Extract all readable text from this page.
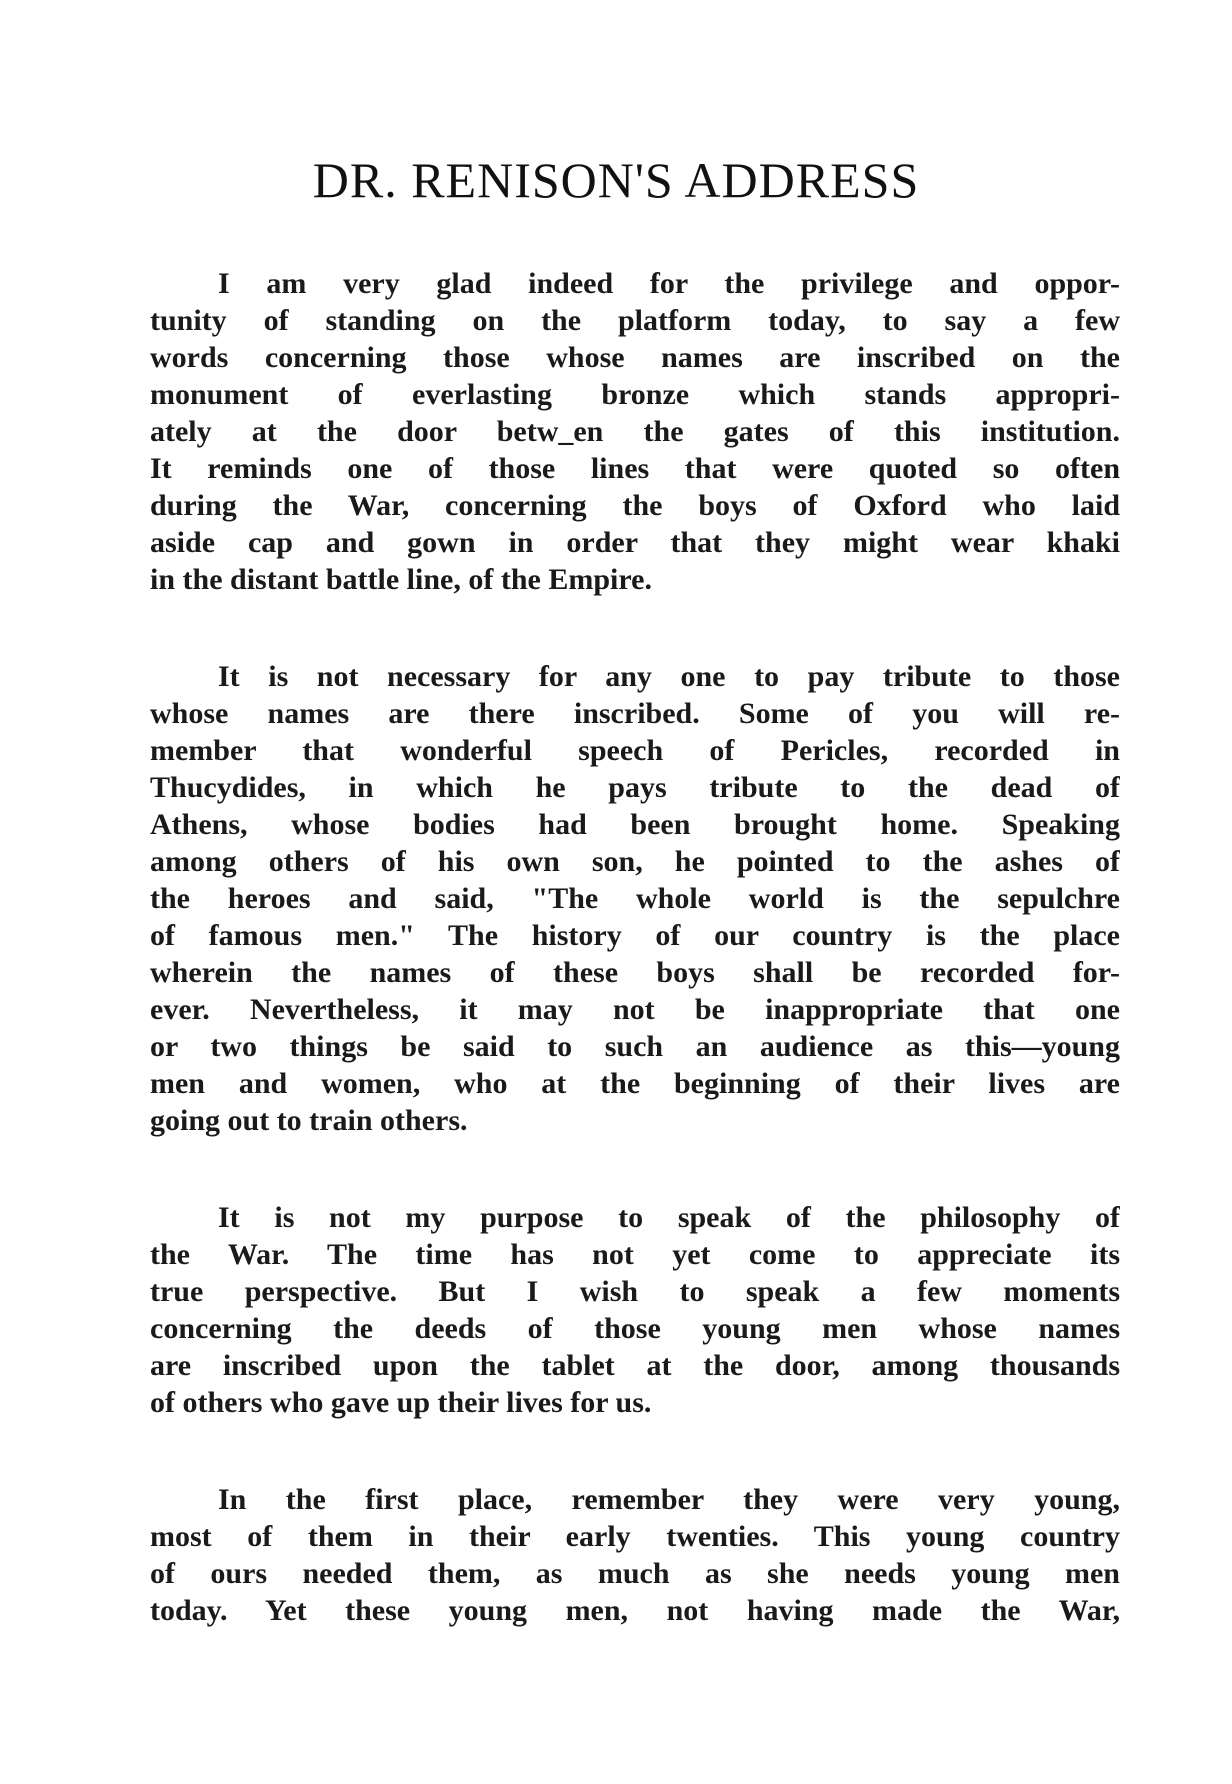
DR. RENISON'S ADDRESS
I am very glad indeed for the privilege and oppor-
tunity of standing on the platform today, to say a few
words concerning those whose names are inscribed on the
monument of everlasting bronze which stands appropri-
ately at the door betw_en the gates of this institution.
It reminds one of those lines that were quoted so often
during the War, concerning the boys of Oxford who laid
aside cap and gown in order that they might wear khaki
in the distant battle line, of the Empire.
It is not necessary for any one to pay tribute to those
whose names are there inscribed. Some of you will re-
member that wonderful speech of Pericles, recorded in
Thucydides, in which he pays tribute to the dead of
Athens, whose bodies had been brought home. Speaking
among others of his own son, he pointed to the ashes of
the heroes and said, "The whole world is the sepulchre
of famous men." The history of our country is the place
wherein the names of these boys shall be recorded for-
ever. Nevertheless, it may not be inappropriate that one
or two things be said to such an audience as this—young
men and women, who at the beginning of their lives are
going out to train others.
It is not my purpose to speak of the philosophy of
the War. The time has not yet come to appreciate its
true perspective. But I wish to speak a few moments
concerning the deeds of those young men whose names
are inscribed upon the tablet at the door, among thousands
of others who gave up their lives for us.
In the first place, remember they were very young,
most of them in their early twenties. This young country
of ours needed them, as much as she needs young men
today. Yet these young men, not having made the War,
